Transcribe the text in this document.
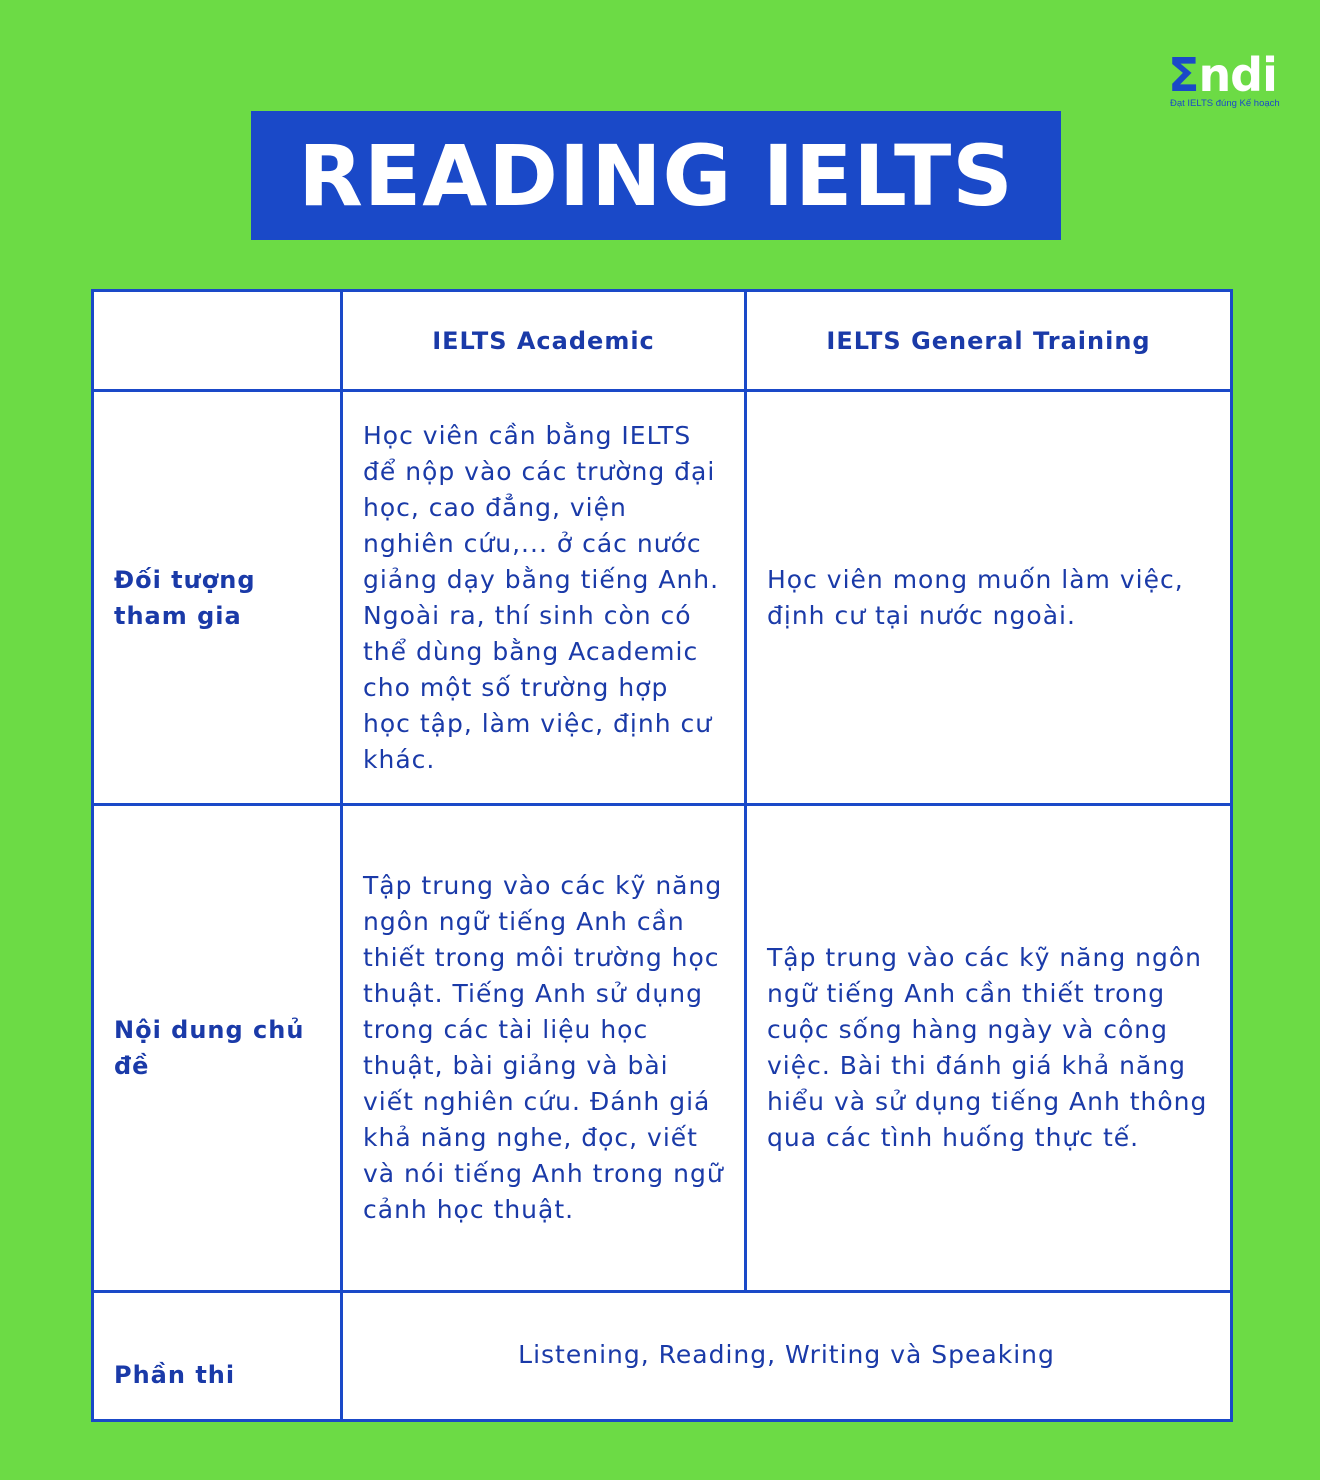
Σndi
Đạt IELTS đúng Kế hoạch
READING IELTS
	IELTS Academic	IELTS General Training
Đối tượng tham gia	Học viên cần bằng IELTS để nộp vào các trường đại học, cao đẳng, viện nghiên cứu,... ở các nước giảng dạy bằng tiếng Anh. Ngoài ra, thí sinh còn có thể dùng bằng Academic cho một số trường hợp học tập, làm việc, định cư khác.	Học viên mong muốn làm việc, định cư tại nước ngoài.
Nội dung chủ đề	Tập trung vào các kỹ năng ngôn ngữ tiếng Anh cần thiết trong môi trường học thuật. Tiếng Anh sử dụng trong các tài liệu học thuật, bài giảng và bài viết nghiên cứu. Đánh giá khả năng nghe, đọc, viết và nói tiếng Anh trong ngữ cảnh học thuật.	Tập trung vào các kỹ năng ngôn ngữ tiếng Anh cần thiết trong cuộc sống hàng ngày và công việc. Bài thi đánh giá khả năng hiểu và sử dụng tiếng Anh thông qua các tình huống thực tế.
Phần thi	Listening, Reading, Writing và Speaking	
